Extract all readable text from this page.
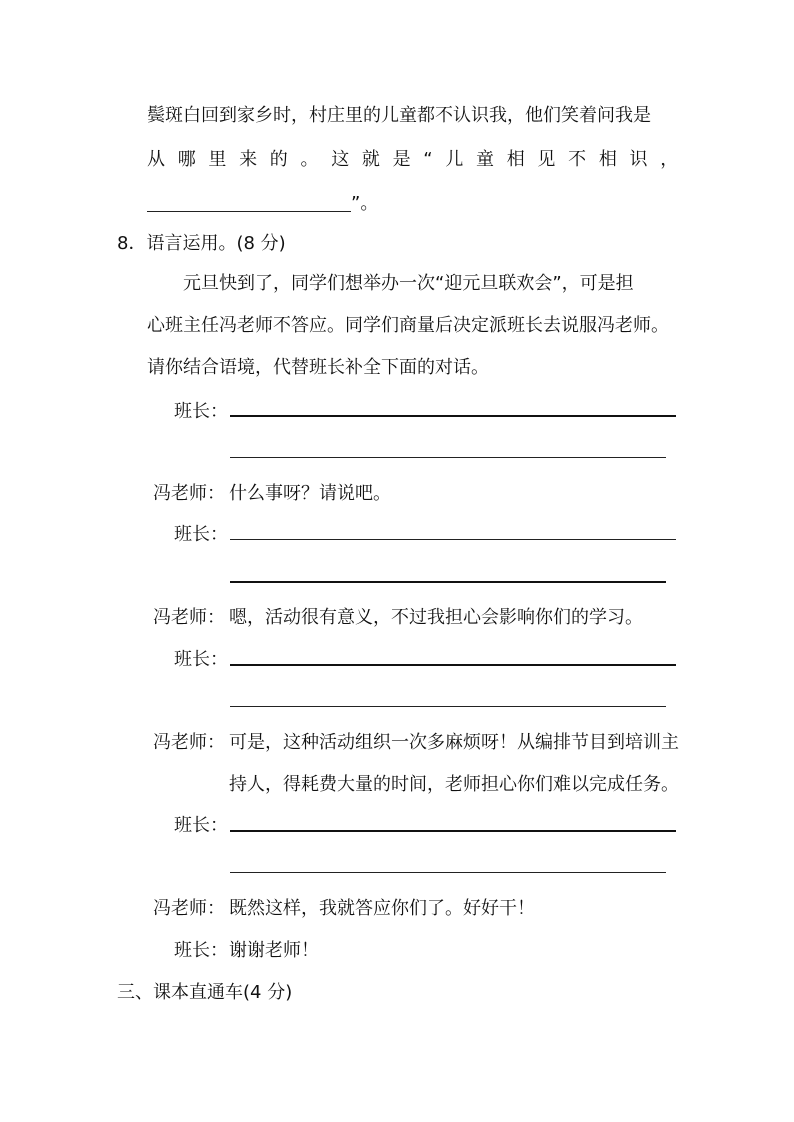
鬓斑白回到家乡时，村庄里的儿童都不认识我，他们笑着问我是
从哪里来的。这就是“儿童相见不相识，
”。
8．语言运用。(8 分)
元旦快到了，同学们想举办一次“迎元旦联欢会”，可是担
心班主任冯老师不答应。同学们商量后决定派班长去说服冯老师。
请你结合语境，代替班长补全下面的对话。
班长：
冯老师： 什么事呀？请说吧。
班长：
冯老师： 嗯，活动很有意义，不过我担心会影响你们的学习。
班长：
冯老师： 可是，这种活动组织一次多麻烦呀！从编排节目到培训主
持人，得耗费大量的时间，老师担心你们难以完成任务。
班长：
冯老师： 既然这样，我就答应你们了。好好干！
班长： 谢谢老师！
三、课本直通车(4 分)
